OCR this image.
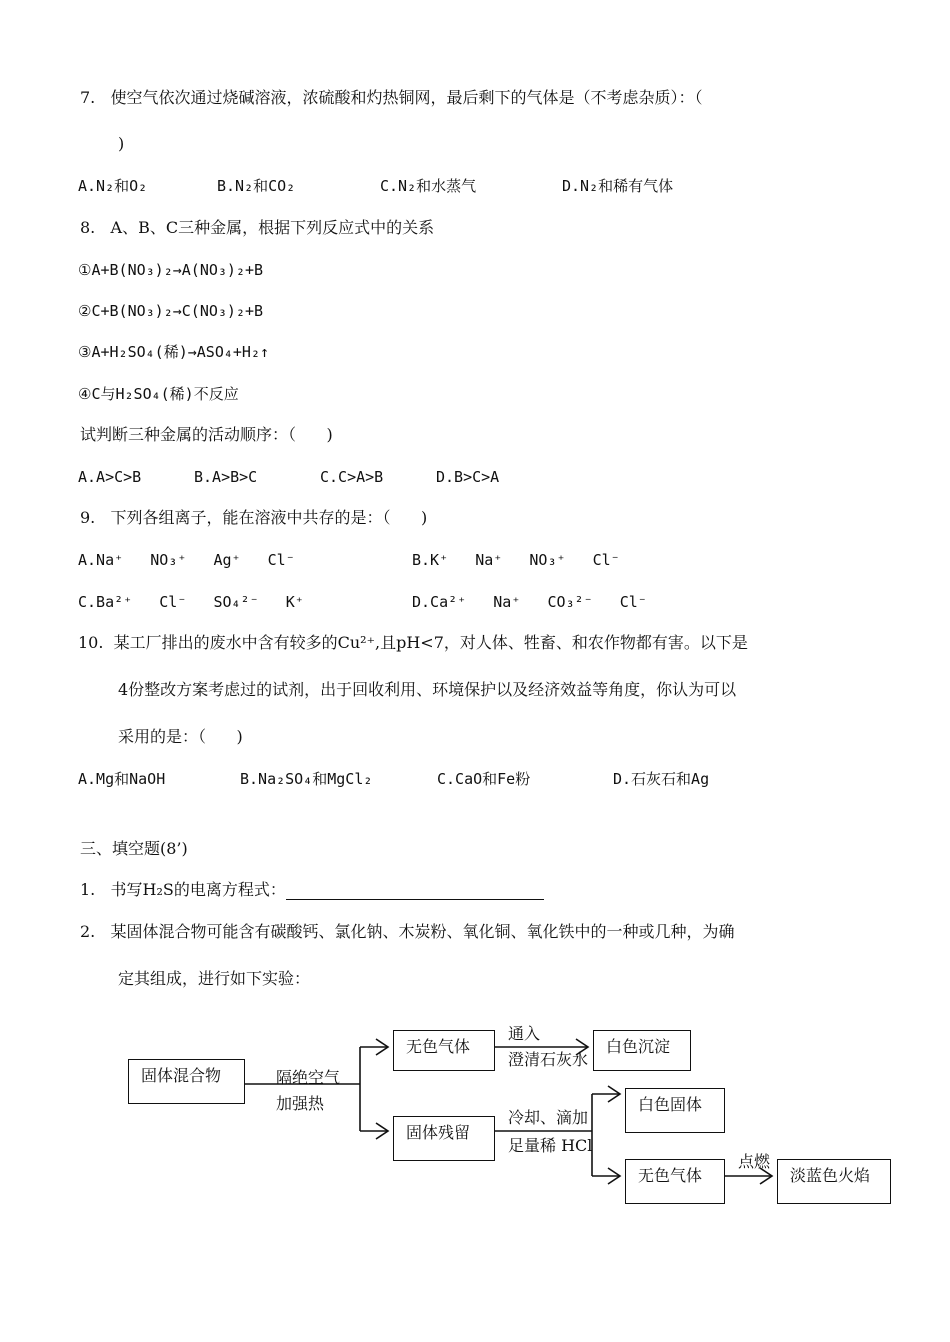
7.   使空气依次通过烧碱溶液，浓硫酸和灼热铜网，最后剩下的气体是（不考虑杂质）：（
)
A.N₂和O₂	B.N₂和CO₂	C.N₂和水蒸气	D.N₂和稀有气体
8.   A、B、C三种金属，根据下列反应式中的关系
①A+B(NO₃)₂→A(NO₃)₂+B
②C+B(NO₃)₂→C(NO₃)₂+B
③A+H₂SO₄(稀)→ASO₄+H₂↑
④C与H₂SO₄(稀)不反应
试判断三种金属的活动顺序：（      )
A.A>C>B	B.A>B>C	C.C>A>B	D.B>C>A
9.   下列各组离子，能在溶液中共存的是：（      )
A.Na⁺   NO₃⁺   Ag⁺   Cl⁻	B.K⁺   Na⁺   NO₃⁺   Cl⁻
C.Ba²⁺   Cl⁻   SO₄²⁻   K⁺	D.Ca²⁺   Na⁺   CO₃²⁻   Cl⁻
10.  某工厂排出的废水中含有较多的Cu²⁺,且pH<7，对人体、牲畜、和农作物都有害。以下是
4份整改方案考虑过的试剂，出于回收利用、环境保护以及经济效益等角度，你认为可以
采用的是：（      )
A.Mg和NaOH	B.Na₂SO₄和MgCl₂	C.CaO和Fe粉	D.石灰石和Ag
三、填空题(8’)
1.   书写H₂S的电离方程式：
2.   某固体混合物可能含有碳酸钙、氯化钠、木炭粉、氧化铜、氧化铁中的一种或几种，为确
定其组成，进行如下实验：
固体混合物	隔绝空气
加强热
无色气体
通入
澄清石灰水
白色沉淀
固体残留
冷却、滴加
足量稀 HCl
白色固体
无色气体
点燃
淡蓝色火焰
